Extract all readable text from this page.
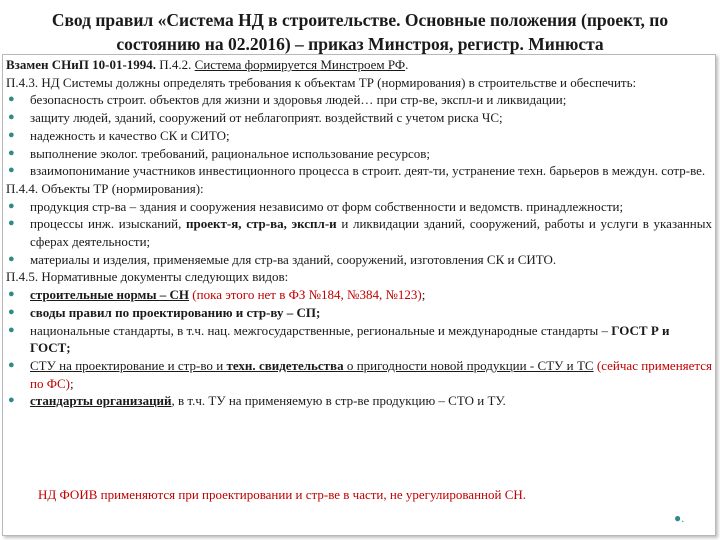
Свод правил «Система НД в строительстве. Основные положения (проект, по
состоянию на 02.2016) – приказ Минстроя, регистр. Минюста

Взамен СНиП 10-01-1994. П.4.2. Система формируется Минстроем РФ.

П.4.3. НД Системы должны определять требования к объектам ТР (нормирования) в строительстве и обеспечить:

●	безопасность строит. объектов для жизни и здоровья людей… при стр-ве, экспл-и и ликвидации;
●	защиту людей, зданий, сооружений от неблагоприят. воздействий с учетом риска ЧС;
●	надежность и качество СК и СИТО;
●	выполнение эколог. требований, рациональное использование ресурсов;
●	взаимопонимание участников инвестиционного процесса в строит. деят-ти, устранение техн. барьеров в междун. сотр-ве.

П.4.4. Объекты ТР (нормирования):

●	продукция стр-ва – здания и сооружения независимо от форм собственности и ведомств. принадлежности;
●	процессы инж. изысканий, проект-я, стр-ва, экспл-и и ликвидации зданий, сооружений, работы и услуги в указанных сферах деятельности;
●	материалы и изделия, применяемые для стр-ва зданий, сооружений, изготовления СК и СИТО.

П.4.5. Нормативные документы следующих видов:

●	строительные нормы – СН (пока этого нет в ФЗ №184, №384, №123);
●	своды правил по проектированию и стр-ву – СП;
●	национальные стандарты, в т.ч. нац. межгосударственные, региональные и международные стандарты – ГОСТ Р и ГОСТ;
●	СТУ на проектирование и стр-во и техн. свидетельства о пригодности новой продукции - СТУ и ТС (сейчас применяется по ФС);
●	стандарты организаций, в т.ч. ТУ на применяемую в стр-ве продукцию – СТО и ТУ.
НД ФОИВ применяются при проектировании и стр-ве в части, не урегулированной СН.
●.
